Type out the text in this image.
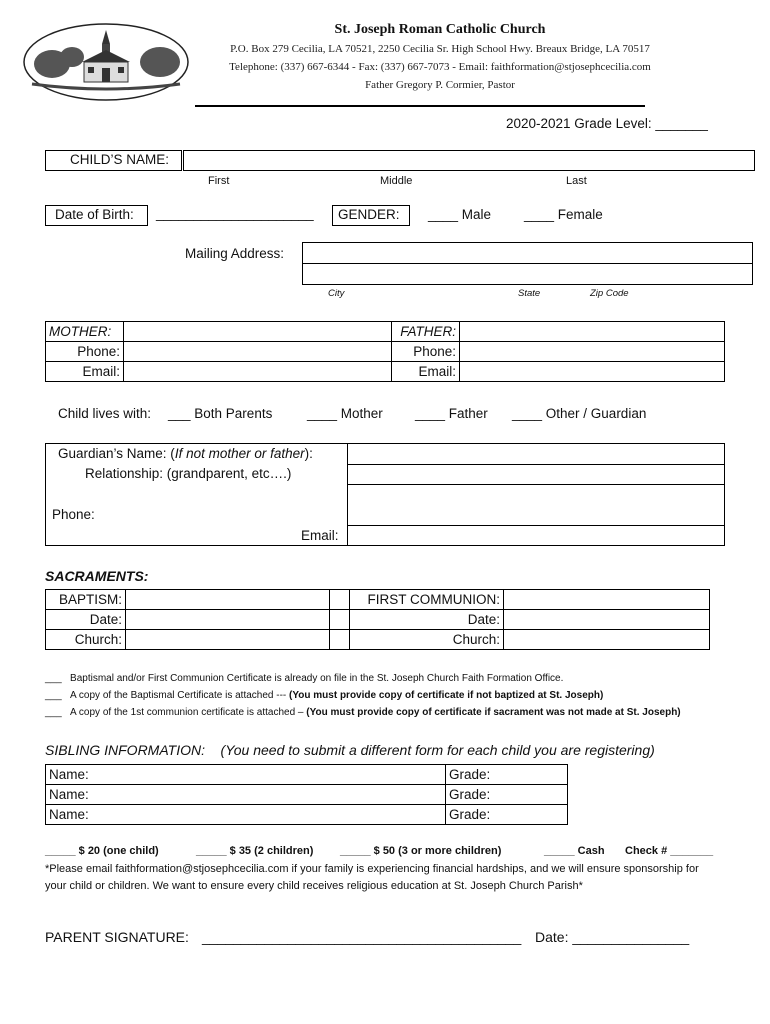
St. Joseph Roman Catholic Church
P.O. Box 279 Cecilia, LA 70521, 2250 Cecilia Sr. High School Hwy. Breaux Bridge, LA 70517
Telephone: (337) 667-6344 - Fax: (337) 667-7073 - Email: faithformation@stjosephcecilia.com
Father Gregory P. Cormier, Pastor
2020-2021 Grade Level: _______
CHILD’S NAME:
First	Middle	Last
Date of Birth: _____________________ GENDER: ____ Male ____ Female
Mailing Address:
City	State	Zip Code
MOTHER:		FATHER:	
Phone:		Phone:	
Email:		Email:	
Child lives with: ___ Both Parents	____ Mother ____ Father ____ Other / Guardian
Guardian’s Name: (If not mother or father):
Relationship: (grandparent, etc….)
Phone:
Email:
SACRAMENTS:
BAPTISM:			FIRST COMMUNION:	
Date:			Date:	
Church:			Church:	
___ Baptismal and/or First Communion Certificate is already on file in the St. Joseph Church Faith Formation Office.
___ A copy of the Baptismal Certificate is attached --- (You must provide copy of certificate if not baptized at St. Joseph)
___ A copy of the 1st communion certificate is attached – (You must provide copy of certificate if sacrament was not made at St. Joseph)
SIBLING INFORMATION: (You need to submit a different form for each child you are registering)
Name:	Grade:
Name:	Grade:
Name:	Grade:
_____ $ 20 (one child)	_____ $ 35 (2 children) _____ $ 50 (3 or more children)	_____ Cash Check # _______
*Please email faithformation@stjosephcecilia.com if your family is experiencing financial hardships, and we will ensure sponsorship for your child or children. We want to ensure every child receives religious education at St. Joseph Church Parish*
PARENT SIGNATURE: _________________________________________ Date: _______________
